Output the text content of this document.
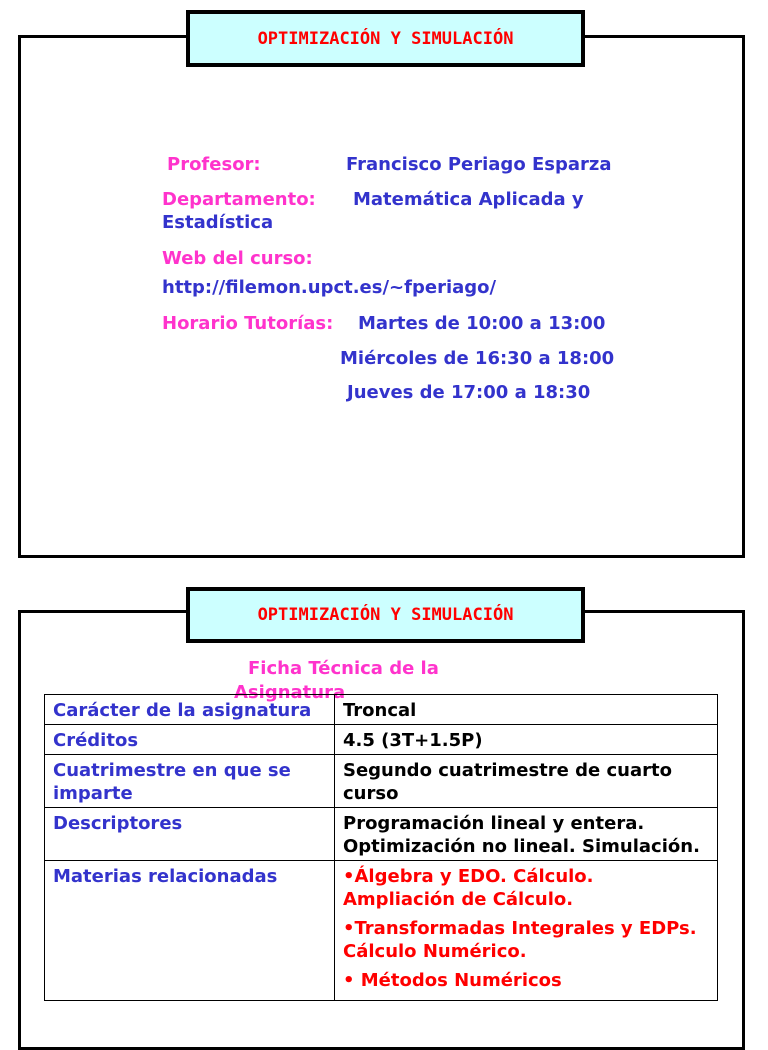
OPTIMIZACIÓN Y SIMULACIÓN
Profesor:	Francisco Periago Esparza
Departamento: Matemática Aplicada y
Estadística
Web del curso:
http://filemon.upct.es/~fperiago/
Horario Tutorías: Martes de 10:00 a 13:00
Miércoles de 16:30 a 18:00
Jueves de 17:00 a 18:30
OPTIMIZACIÓN Y SIMULACIÓN
Ficha Técnica de la
Asignatura
Carácter de la asignatura	Troncal
Créditos	4.5 (3T+1.5P)
Cuatrimestre en que se imparte	Segundo cuatrimestre de cuarto curso
Descriptores	Programación lineal y entera. Optimización no lineal. Simulación.
Materias relacionadas	•Álgebra y EDO. Cálculo. Ampliación de Cálculo.
•Transformadas Integrales y EDPs. Cálculo Numérico.
• Métodos Numéricos
